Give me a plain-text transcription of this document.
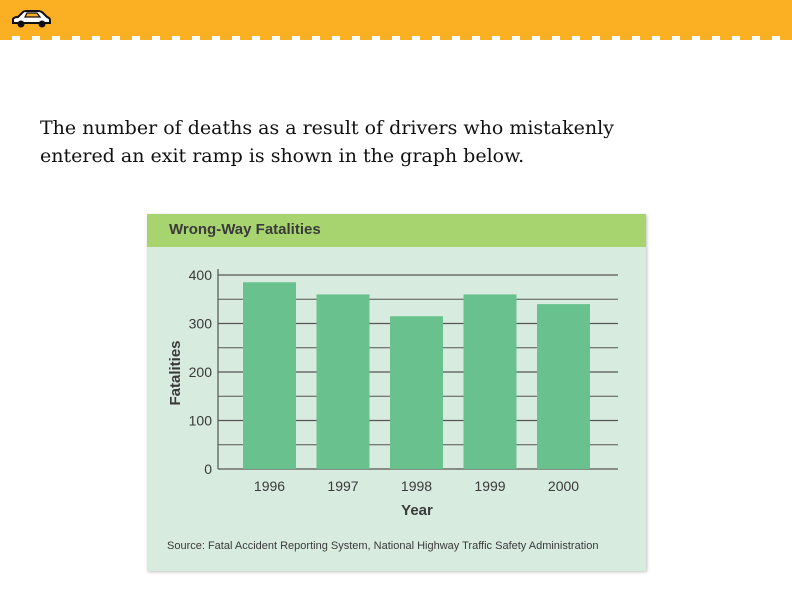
The number of deaths as a result of drivers who mistakenly entered an exit ramp is shown in the graph below.
Wrong-Way Fatalities
0
100
200
300
400
1996	1997	1998	1999	2000
Year
Fatalities
Source: Fatal Accident Reporting System, National Highway Traffic Safety Administration
